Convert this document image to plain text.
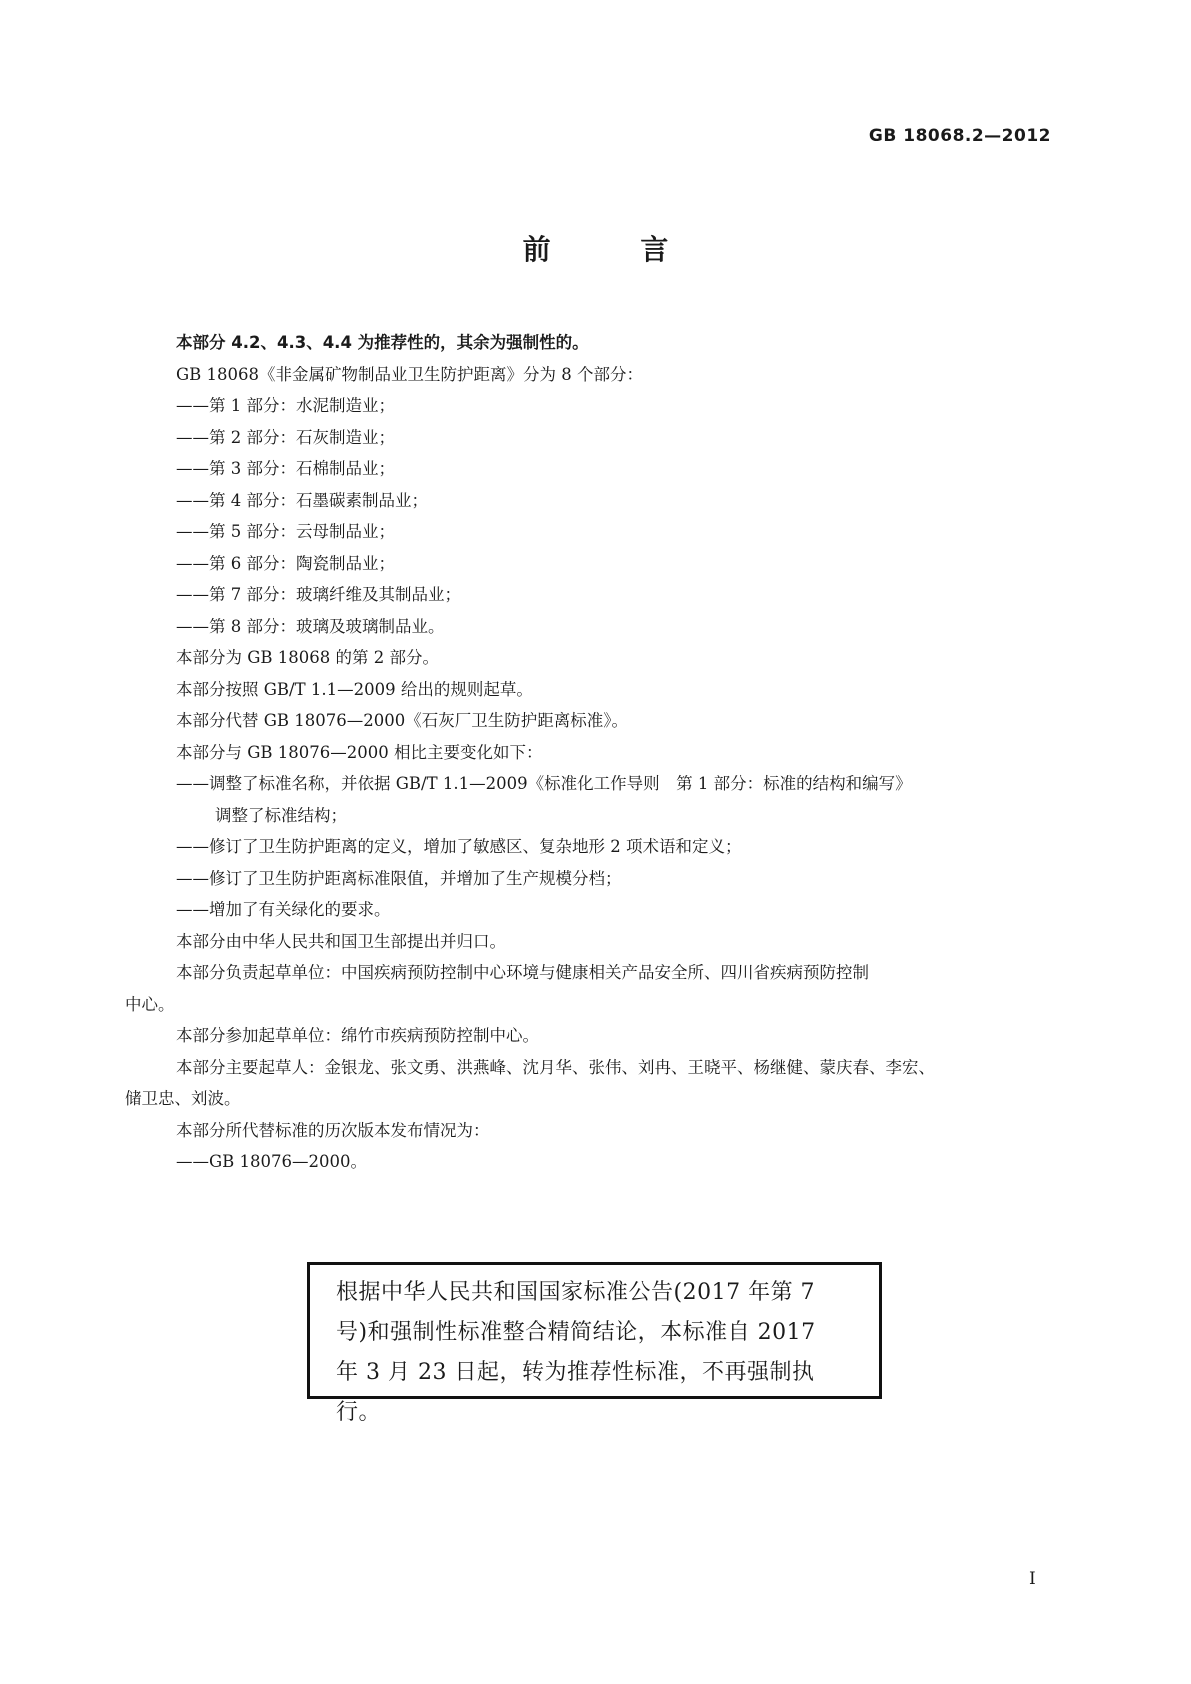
GB 18068.2—2012
前 言

本部分 4.2、4.3、4.4 为推荐性的，其余为强制性的。

GB 18068《非金属矿物制品业卫生防护距离》分为 8 个部分：

——第 1 部分：水泥制造业；

——第 2 部分：石灰制造业；

——第 3 部分：石棉制品业；

——第 4 部分：石墨碳素制品业；

——第 5 部分：云母制品业；

——第 6 部分：陶瓷制品业；

——第 7 部分：玻璃纤维及其制品业；

——第 8 部分：玻璃及玻璃制品业。

本部分为 GB 18068 的第 2 部分。

本部分按照 GB/T 1.1—2009 给出的规则起草。

本部分代替 GB 18076—2000《石灰厂卫生防护距离标准》。

本部分与 GB 18076—2000 相比主要变化如下：

——调整了标准名称，并依据 GB/T 1.1—2009《标准化工作导则　第 1 部分：标准的结构和编写》

调整了标准结构；

——修订了卫生防护距离的定义，增加了敏感区、复杂地形 2 项术语和定义；

——修订了卫生防护距离标准限值，并增加了生产规模分档；

——增加了有关绿化的要求。

本部分由中华人民共和国卫生部提出并归口。

本部分负责起草单位：中国疾病预防控制中心环境与健康相关产品安全所、四川省疾病预防控制

中心。

本部分参加起草单位：绵竹市疾病预防控制中心。

本部分主要起草人：金银龙、张文勇、洪燕峰、沈月华、张伟、刘冉、王晓平、杨继健、蒙庆春、李宏、

储卫忠、刘波。

本部分所代替标准的历次版本发布情况为：

——GB 18076—2000。

根据中华人民共和国国家标准公告(2017 年第 7

号)和强制性标准整合精简结论，本标准自 2017

年 3 月 23 日起，转为推荐性标准，不再强制执行。

I
